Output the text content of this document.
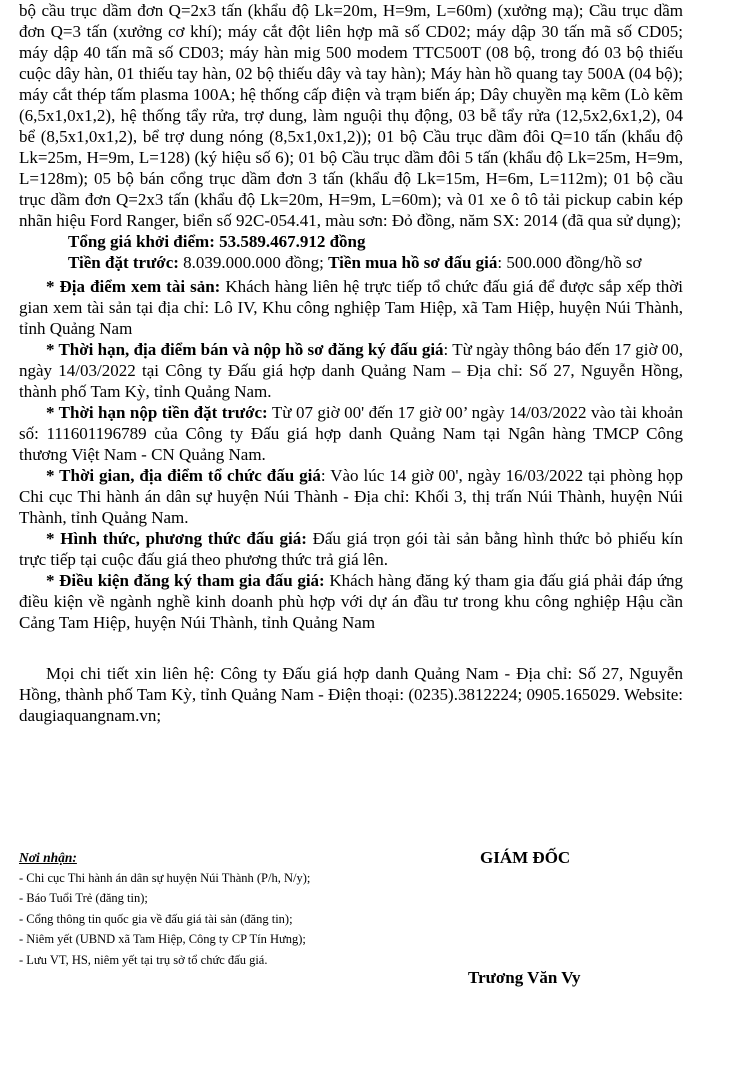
bộ cầu trục dầm đơn Q=2x3 tấn (khẩu độ Lk=20m, H=9m, L=60m) (xưởng mạ); Cầu trục dầm đơn Q=3 tấn (xưởng cơ khí); máy cắt đột liên hợp mã số CD02; máy dập 30 tấn mã số CD05; máy dập 40 tấn mã số CD03; máy hàn mig 500 modem TTC500T (08 bộ, trong đó 03 bộ thiếu cuộc dây hàn, 01 thiếu tay hàn, 02 bộ thiếu dây và tay hàn); Máy hàn hồ quang tay 500A (04 bộ); máy cắt thép tấm plasma 100A; hệ thống cấp điện và trạm biến áp; Dây chuyền mạ kẽm (Lò kẽm (6,5x1,0x1,2), hệ thống tẩy rửa, trợ dung, làm nguội thụ động, 03 bễ tẩy rửa (12,5x2,6x1,2), 04 bể (8,5x1,0x1,2), bể trợ dung nóng (8,5x1,0x1,2)); 01 bộ Cầu trục dầm đôi Q=10 tấn (khẩu độ Lk=25m, H=9m, L=128) (ký hiệu số 6); 01 bộ Cầu trục dầm đôi 5 tấn (khẩu độ Lk=25m, H=9m, L=128m); 05 bộ bán cổng trục dầm đơn 3 tấn (khẩu độ Lk=15m, H=6m, L=112m); 01 bộ cầu trục dầm đơn Q=2x3 tấn (khẩu độ Lk=20m, H=9m, L=60m); và 01 xe ô tô tải pickup cabin kép nhãn hiệu Ford Ranger, biển số 92C-054.41, màu sơn: Đỏ đồng, năm SX: 2014 (đã qua sử dụng);

Tổng giá khởi điểm: 53.589.467.912 đồng

Tiền đặt trước: 8.039.000.000 đồng; Tiền mua hồ sơ đấu giá: 500.000 đồng/hồ sơ

* Địa điểm xem tài sản: Khách hàng liên hệ trực tiếp tổ chức đấu giá để được sắp xếp thời gian xem tài sản tại địa chỉ: Lô IV, Khu công nghiệp Tam Hiệp, xã Tam Hiệp, huyện Núi Thành, tỉnh Quảng Nam

* Thời hạn, địa điểm bán và nộp hồ sơ đăng ký đấu giá: Từ ngày thông báo đến 17 giờ 00, ngày 14/03/2022 tại Công ty Đấu giá hợp danh Quảng Nam – Địa chỉ: Số 27, Nguyễn Hồng, thành phố Tam Kỳ, tỉnh Quảng Nam.

* Thời hạn nộp tiền đặt trước: Từ 07 giờ 00' đến 17 giờ 00’ ngày 14/03/2022 vào tài khoản số: 111601196789 của Công ty Đấu giá hợp danh Quảng Nam tại Ngân hàng TMCP Công thương Việt Nam - CN Quảng Nam.

* Thời gian, địa điểm tổ chức đấu giá: Vào lúc 14 giờ 00', ngày 16/03/2022 tại phòng họp Chi cục Thi hành án dân sự huyện Núi Thành - Địa chỉ: Khối 3, thị trấn Núi Thành, huyện Núi Thành, tỉnh Quảng Nam.

* Hình thức, phương thức đấu giá: Đấu giá trọn gói tài sản bằng hình thức bỏ phiếu kín trực tiếp tại cuộc đấu giá theo phương thức trả giá lên.

* Điều kiện đăng ký tham gia đấu giá: Khách hàng đăng ký tham gia đấu giá phải đáp ứng điều kiện về ngành nghề kinh doanh phù hợp với dự án đầu tư trong khu công nghiệp Hậu cần Cảng Tam Hiệp, huyện Núi Thành, tỉnh Quảng Nam

Mọi chi tiết xin liên hệ: Công ty Đấu giá hợp danh Quảng Nam - Địa chỉ: Số 27, Nguyễn Hồng, thành phố Tam Kỳ, tỉnh Quảng Nam - Điện thoại: (0235).3812224; 0905.165029. Website: daugiaquangnam.vn;

Nơi nhận:
- Chi cục Thi hành án dân sự huyện Núi Thành (P/h, N/y);
- Báo Tuổi Trẻ (đăng tin);
- Cổng thông tin quốc gia về đấu giá tài sản (đăng tin);
- Niêm yết (UBND xã Tam Hiệp, Công ty CP Tín Hưng);
- Lưu VT, HS, niêm yết tại trụ sở tổ chức đấu giá.
GIÁM ĐỐC
Trương Văn Vy
